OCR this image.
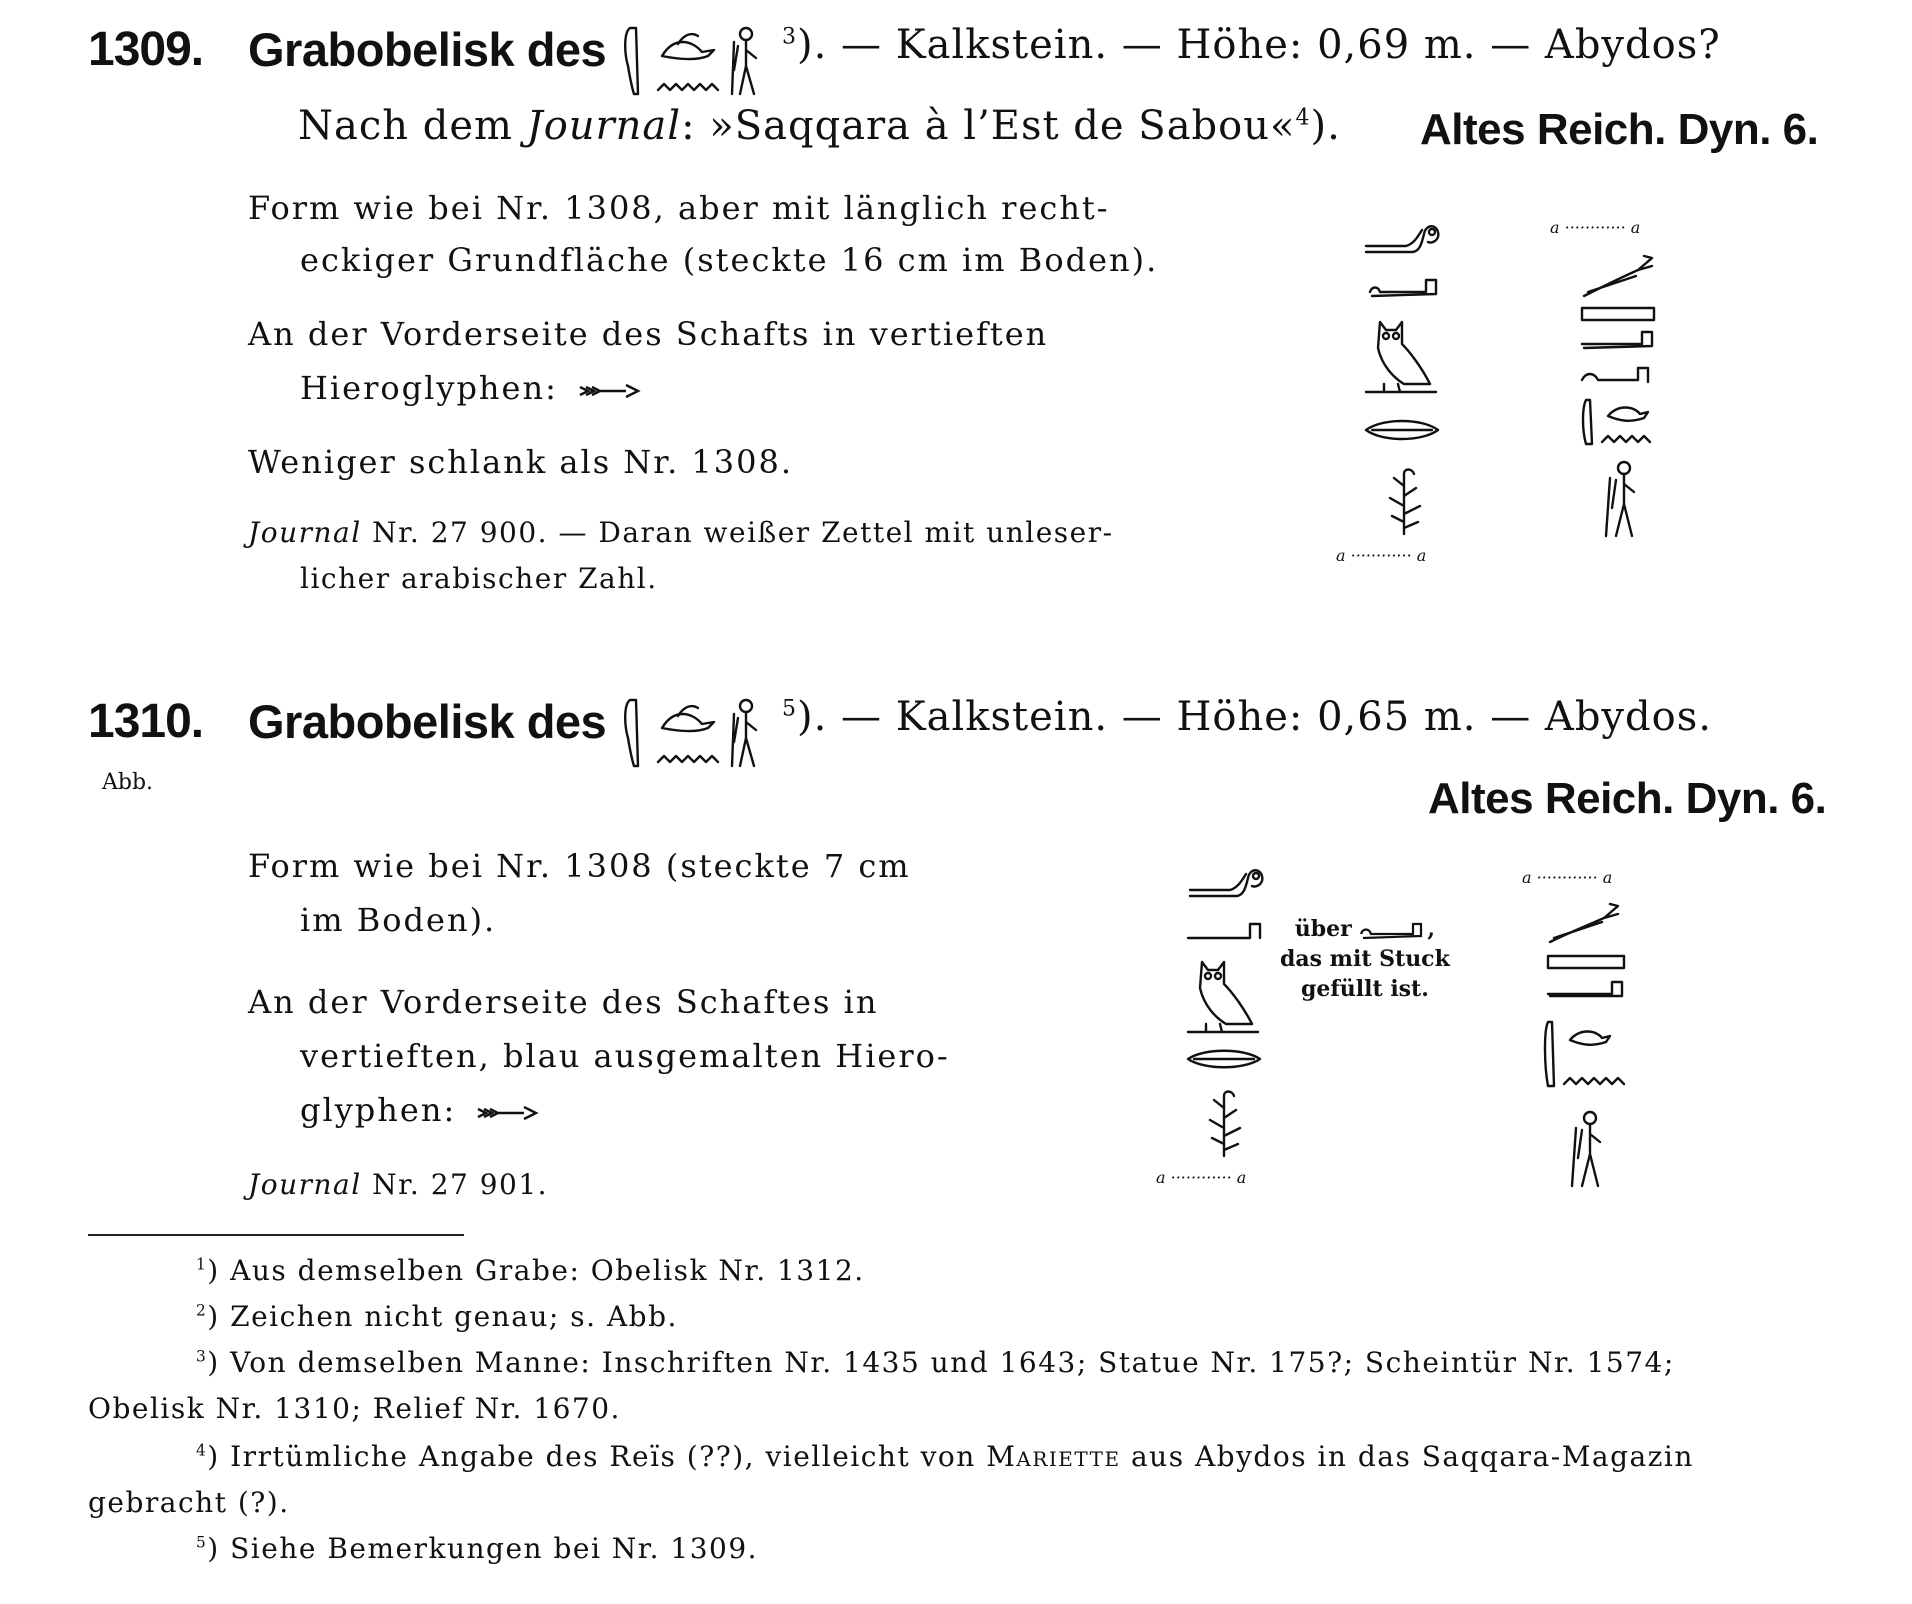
1309. Grabobelisk des	$^3$). — Kalkstein. — Höhe: 0,69 m. — Abydos?
Nach dem Journal: »Saqqara à l’Est de Sabou«$^4$). Altes Reich. Dyn. 6.
Form wie bei Nr. 1308, aber mit länglich recht-
eckiger Grundfläche (steckte 16 cm im Boden).
An der Vorderseite des Schafts in vertieften
Hieroglyphen:
Weniger schlank als Nr. 1308.
Journal Nr. 27 900. — Daran weißer Zettel mit unleser-
licher arabischer Zahl.
a ············ a
a ············ a
1310.
Abb.
Grabobelisk des	$^5$). — Kalkstein. — Höhe: 0,65 m. — Abydos.
Altes Reich. Dyn. 6.
Form wie bei Nr. 1308 (steckte 7 cm
im Boden).
An der Vorderseite des Schaftes in
vertieften, blau ausgemalten Hiero-
glyphen:
Journal Nr. 27 901.
a ············ a
über	,
das mit Stuck
gefüllt ist.
a ············ a
$^1$) Aus demselben Grabe: Obelisk Nr. 1312.
$^2$) Zeichen nicht genau; s. Abb.
$^3$) Von demselben Manne: Inschriften Nr. 1435 und 1643; Statue Nr. 175?; Scheintür Nr. 1574;
Obelisk Nr. 1310; Relief Nr. 1670.
$^4$) Irrtümliche Angabe des Reïs (??), vielleicht von Mariette aus Abydos in das Saqqara-Magazin
gebracht (?).
$^5$) Siehe Bemerkungen bei Nr. 1309.
